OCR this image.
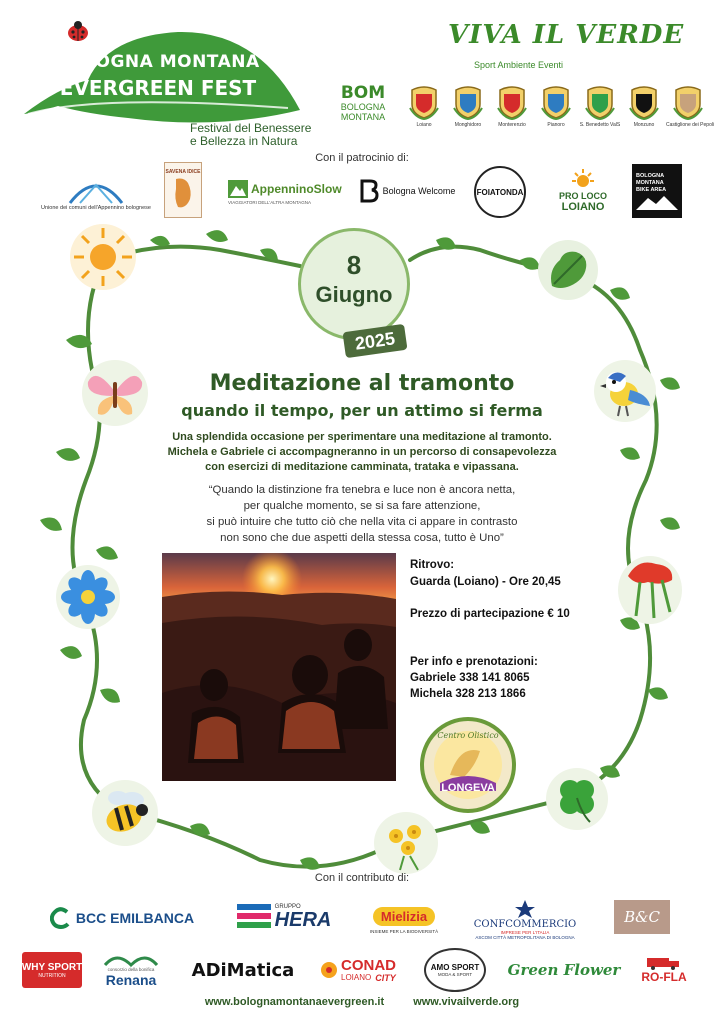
BOLOGNA MONTANA
EVERGREEN FEST
Festival del Benessere
e Bellezza in Natura
VIVA IL VERDE
Sport Ambiente Eventi
BOM
BOLOGNA
MONTANA
Loiano	Monghidoro	Monterenzio	Pianoro	S. Benedetto ValS	Monzuno	Castiglione dei Pepoli
Con il patrocinio di:
Unione dei comuni dell'Appennino bolognese
SAVENA IDICE
AppenninoSlow
VIAGGIATORI DELL'ALTRA MONTAGNA
Bologna Welcome	FOIATONDA	PRO LOCO
LOIANO
BOLOGNA
MONTANA
BIKE AREA
8
Giugno
2025
Meditazione al tramonto
quando il tempo, per un attimo si ferma
Una splendida occasione per sperimentare una meditazione al tramonto.
Michela e Gabriele ci accompagneranno in un percorso di consapevolezza
con esercizi di meditazione camminata, trataka e vipassana.
“Quando la distinzione fra tenebra e luce non è ancora netta,
per qualche momento, se si sa fare attenzione,
si può intuire che tutto ciò che nella vita ci appare in contrasto
non sono che due aspetti della stessa cosa, tutto è Uno”
Ritrovo:
Guarda (Loiano) - Ore 20,45
Prezzo di partecipazione € 10
Per info e prenotazioni:
Gabriele 338 141 8065
Michela 328 213 1866
Centro Olistico
LONGEVA
Con il contributo di:
BCC EMILBANCA
GRUPPO
HERA	Mielizia
INSIEME PER LA BIODIVERSITÀ
CONFCOMMERCIO
IMPRESE PER L'ITALIA
ASCOM CITTÀ METROPOLITANA DI BOLOGNA
B&C
WHY SPORT
NUTRITION
consorzio della bonifica
Renana ADiMatica	CONAD
LOIANO CITY
AMO SPORT
MODA & SPORT Green Flower RO-FLA
www.bolognamontanaevergreen.it	www.vivailverde.org
